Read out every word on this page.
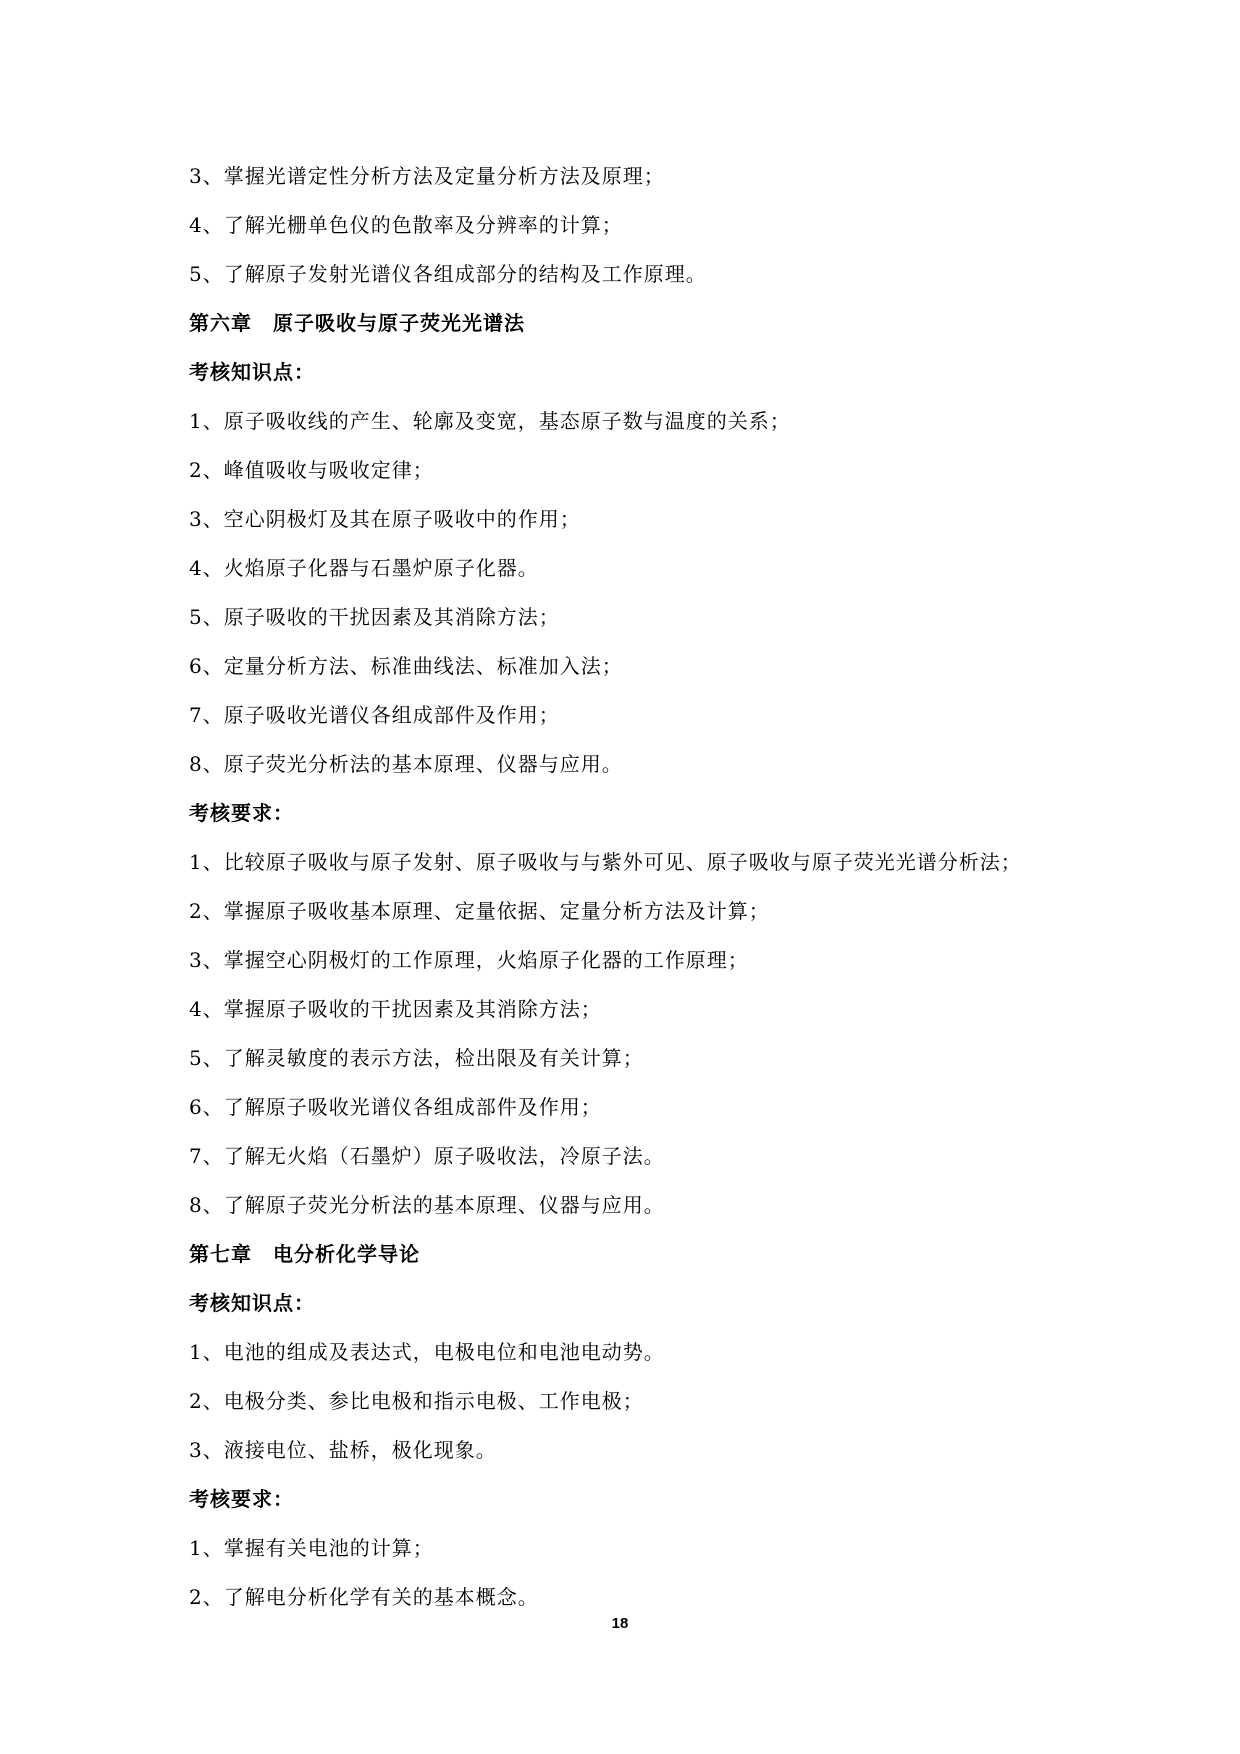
3、掌握光谱定性分析方法及定量分析方法及原理；
4、了解光栅单色仪的色散率及分辨率的计算；
5、了解原子发射光谱仪各组成部分的结构及工作原理。
第六章　原子吸收与原子荧光光谱法
考核知识点：
1、原子吸收线的产生、轮廓及变宽，基态原子数与温度的关系；
2、峰值吸收与吸收定律；
3、空心阴极灯及其在原子吸收中的作用；
4、火焰原子化器与石墨炉原子化器。
5、原子吸收的干扰因素及其消除方法；
6、定量分析方法、标准曲线法、标准加入法；
7、原子吸收光谱仪各组成部件及作用；
8、原子荧光分析法的基本原理、仪器与应用。
考核要求：
1、比较原子吸收与原子发射、原子吸收与与紫外可见、原子吸收与原子荧光光谱分析法；
2、掌握原子吸收基本原理、定量依据、定量分析方法及计算；
3、掌握空心阴极灯的工作原理，火焰原子化器的工作原理；
4、掌握原子吸收的干扰因素及其消除方法；
5、了解灵敏度的表示方法，检出限及有关计算；
6、了解原子吸收光谱仪各组成部件及作用；
7、了解无火焰（石墨炉）原子吸收法，冷原子法。
8、了解原子荧光分析法的基本原理、仪器与应用。
第七章　电分析化学导论
考核知识点：
1、电池的组成及表达式，电极电位和电池电动势。
2、电极分类、参比电极和指示电极、工作电极；
3、液接电位、盐桥，极化现象。
考核要求：
1、掌握有关电池的计算；
2、了解电分析化学有关的基本概念。
18
